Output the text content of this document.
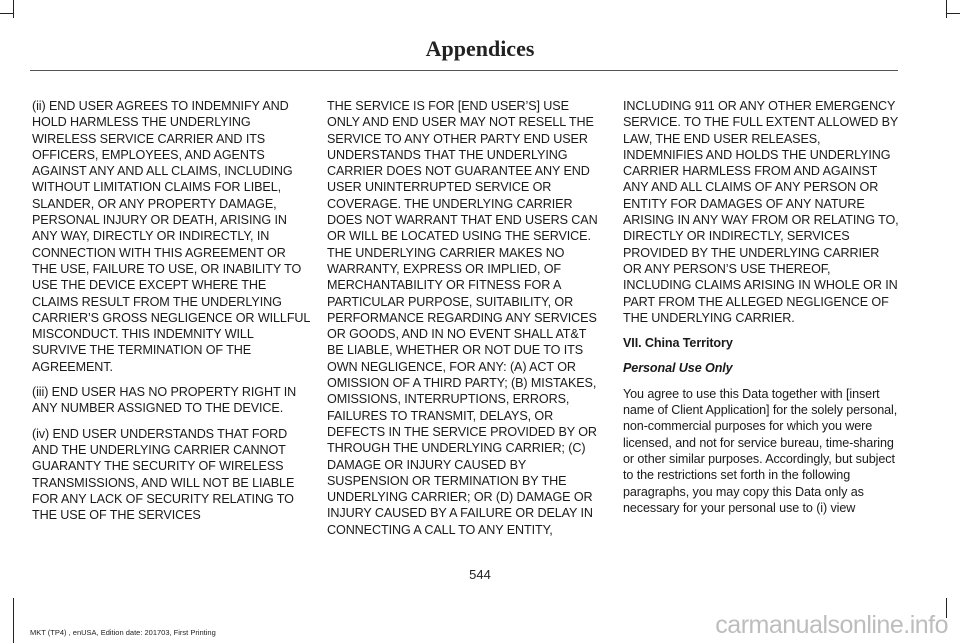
Appendices

(ii) END USER AGREES TO INDEMNIFY AND HOLD HARMLESS THE UNDERLYING WIRELESS SERVICE CARRIER AND ITS OFFICERS, EMPLOYEES, AND AGENTS AGAINST ANY AND ALL CLAIMS, INCLUDING WITHOUT LIMITATION CLAIMS FOR LIBEL, SLANDER, OR ANY PROPERTY DAMAGE, PERSONAL INJURY OR DEATH, ARISING IN ANY WAY, DIRECTLY OR INDIRECTLY, IN CONNECTION WITH THIS AGREEMENT OR THE USE, FAILURE TO USE, OR INABILITY TO USE THE DEVICE EXCEPT WHERE THE CLAIMS RESULT FROM THE UNDERLYING CARRIER’S GROSS NEGLIGENCE OR WILLFUL MISCONDUCT. THIS INDEMNITY WILL SURVIVE THE TERMINATION OF THE AGREEMENT.

(iii) END USER HAS NO PROPERTY RIGHT IN ANY NUMBER ASSIGNED TO THE DEVICE.

(iv) END USER UNDERSTANDS THAT FORD AND THE UNDERLYING CARRIER CANNOT GUARANTY THE SECURITY OF WIRELESS TRANSMISSIONS, AND WILL NOT BE LIABLE FOR ANY LACK OF SECURITY RELATING TO THE USE OF THE SERVICES

THE SERVICE IS FOR [END USER’S] USE ONLY AND END USER MAY NOT RESELL THE SERVICE TO ANY OTHER PARTY END USER UNDERSTANDS THAT THE UNDERLYING CARRIER DOES NOT GUARANTEE ANY END USER UNINTERRUPTED SERVICE OR COVERAGE. THE UNDERLYING CARRIER DOES NOT WARRANT THAT END USERS CAN OR WILL BE LOCATED USING THE SERVICE. THE UNDERLYING CARRIER MAKES NO WARRANTY, EXPRESS OR IMPLIED, OF MERCHANTABILITY OR FITNESS FOR A PARTICULAR PURPOSE, SUITABILITY, OR PERFORMANCE REGARDING ANY SERVICES OR GOODS, AND IN NO EVENT SHALL AT&T BE LIABLE, WHETHER OR NOT DUE TO ITS OWN NEGLIGENCE, FOR ANY: (A) ACT OR OMISSION OF A THIRD PARTY; (B) MISTAKES, OMISSIONS, INTERRUPTIONS, ERRORS, FAILURES TO TRANSMIT, DELAYS, OR DEFECTS IN THE SERVICE PROVIDED BY OR THROUGH THE UNDERLYING CARRIER; (C) DAMAGE OR INJURY CAUSED BY SUSPENSION OR TERMINATION BY THE UNDERLYING CARRIER; OR (D) DAMAGE OR INJURY CAUSED BY A FAILURE OR DELAY IN CONNECTING A CALL TO ANY ENTITY,

INCLUDING 911 OR ANY OTHER EMERGENCY SERVICE. TO THE FULL EXTENT ALLOWED BY LAW, THE END USER RELEASES, INDEMNIFIES AND HOLDS THE UNDERLYING CARRIER HARMLESS FROM AND AGAINST ANY AND ALL CLAIMS OF ANY PERSON OR ENTITY FOR DAMAGES OF ANY NATURE ARISING IN ANY WAY FROM OR RELATING TO, DIRECTLY OR INDIRECTLY, SERVICES PROVIDED BY THE UNDERLYING CARRIER OR ANY PERSON’S USE THEREOF, INCLUDING CLAIMS ARISING IN WHOLE OR IN PART FROM THE ALLEGED NEGLIGENCE OF THE UNDERLYING CARRIER.

VII. China Territory

Personal Use Only

You agree to use this Data together with [insert name of Client Application] for the solely personal, non-commercial purposes for which you were licensed, and not for service bureau, time-sharing or other similar purposes. Accordingly, but subject to the restrictions set forth in the following paragraphs, you may copy this Data only as necessary for your personal use to (i) view

544
MKT (TP4) , enUSA, Edition date: 201703, First Printing	carmanualsonline.info
